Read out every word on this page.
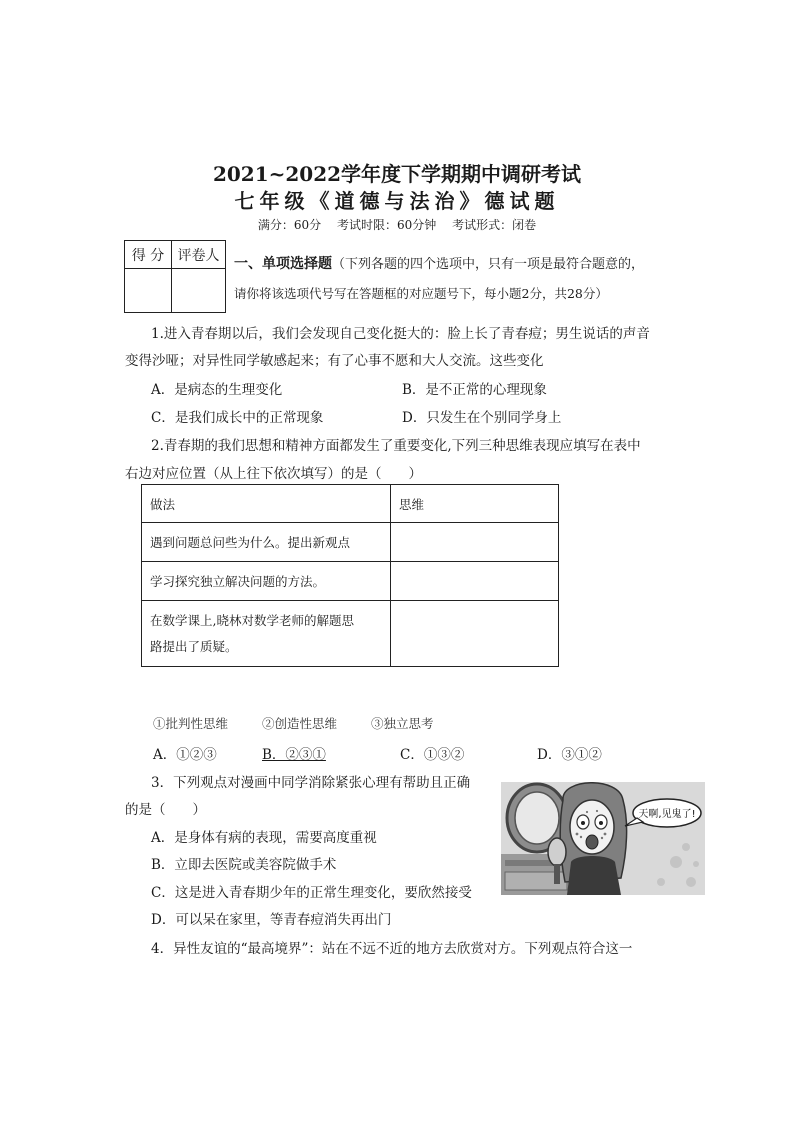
2021~2022学年度下学期期中调研考试
七年级《道德与法治》德试题
满分：60分 考试时限：60分钟 考试形式：闭卷
得 分	评卷人

一、单项选择题（下列各题的四个选项中，只有一项是最符合题意的，
请你将该选项代号写在答题框的对应题号下，每小题2分，共28分）
1.进入青春期以后，我们会发现自己变化挺大的：脸上长了青春痘；男生说话的声音
变得沙哑；对异性同学敏感起来；有了心事不愿和大人交流。这些变化
A．是病态的生理变化	B．是不正常的心理现象
C．是我们成长中的正常现象	D．只发生在个别同学身上
2.青春期的我们思想和精神方面都发生了重要变化,下列三种思维表现应填写在表中
右边对应位置（从上往下依次填写）的是（　　）
做法	思维
遇到问题总问些为什么。提出新观点	
学习探究独立解决问题的方法。	

在数学课上,晓林对数学老师的解题思
路提出了质疑。	

①批判性思维	②创造性思维	③独立思考
A．①②③	B．②③①	C．①③②	D．③①②
3．下列观点对漫画中同学消除紧张心理有帮助且正确
的是（　　）
A．是身体有病的表现，需要高度重视
B．立即去医院或美容院做手术
C．这是进入青春期少年的正常生理变化，要欣然接受
D．可以呆在家里，等青春痘消失再出门
天啊,见鬼了!
4．异性友谊的“最高境界”：站在不远不近的地方去欣赏对方。下列观点符合这一
